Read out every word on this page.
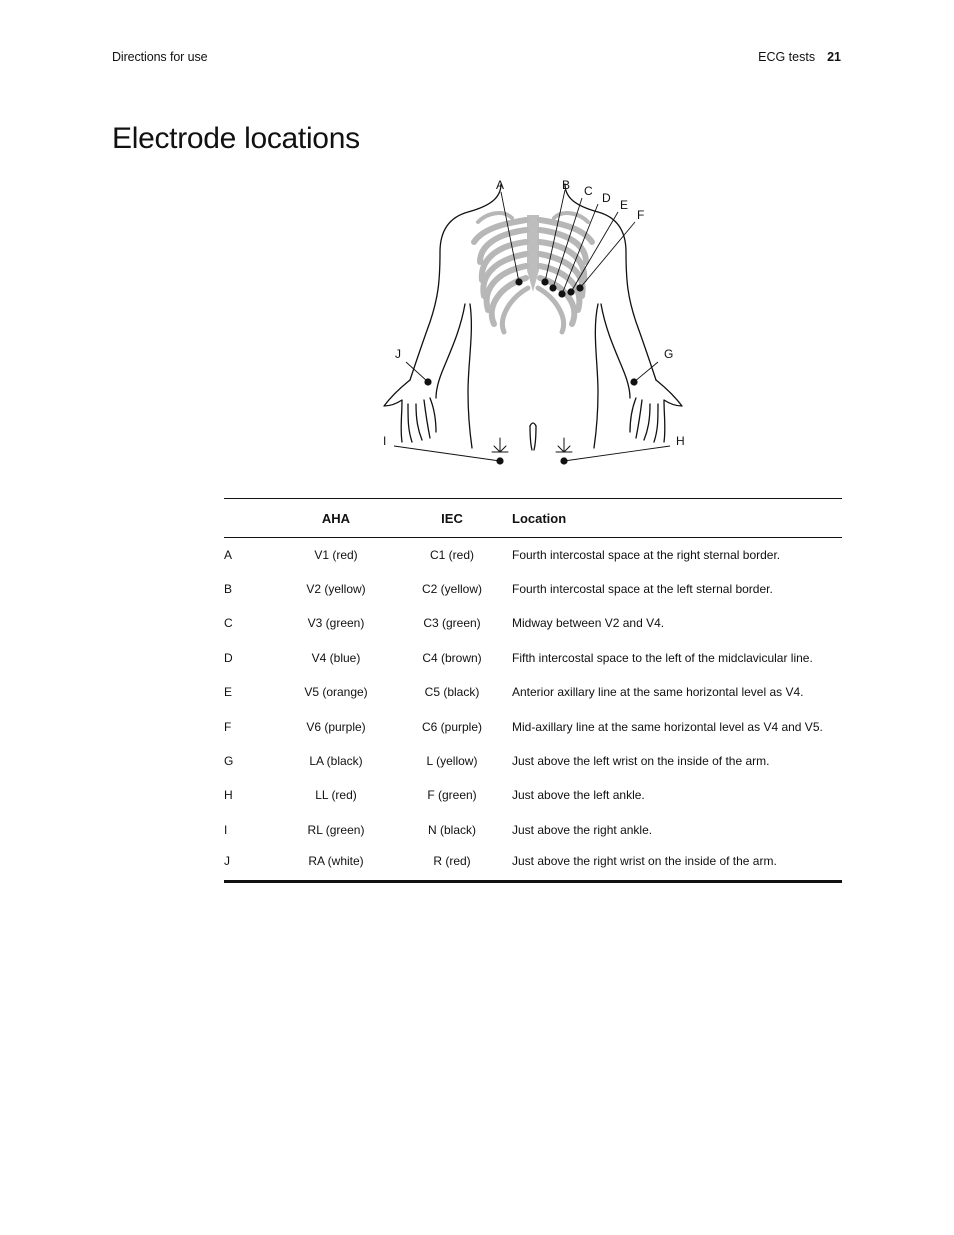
Directions for use	ECG tests 21
Electrode locations
A	B C D E
F
G
H
I
J
	AHA	IEC	Location
A	V1 (red)	C1 (red)	Fourth intercostal space at the right sternal border.
B	V2 (yellow)	C2 (yellow)	Fourth intercostal space at the left sternal border.
C	V3 (green)	C3 (green)	Midway between V2 and V4.
D	V4 (blue)	C4 (brown)	Fifth intercostal space to the left of the midclavicular line.
E	V5 (orange)	C5 (black)	Anterior axillary line at the same horizontal level as V4.
F	V6 (purple)	C6 (purple)	Mid-axillary line at the same horizontal level as V4 and V5.
G	LA (black)	L (yellow)	Just above the left wrist on the inside of the arm.
H	LL (red)	F (green)	Just above the left ankle.
I	RL (green)	N (black)	Just above the right ankle.
J	RA (white)	R (red)	Just above the right wrist on the inside of the arm.
